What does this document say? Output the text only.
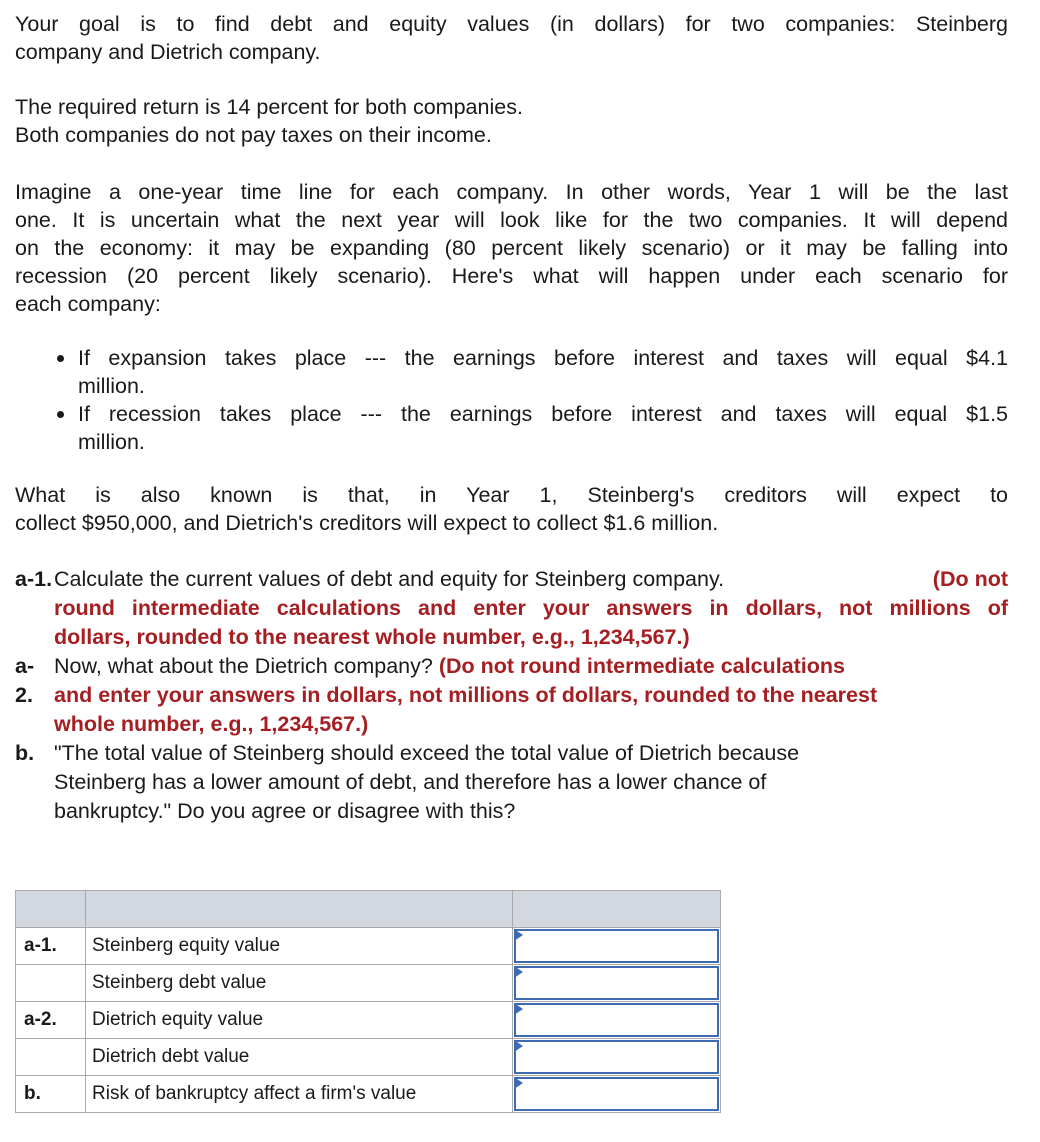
Your goal is to find debt and equity values (in dollars) for two companies: Steinberg
company and Dietrich company.

The required return is 14 percent for both companies.
Both companies do not pay taxes on their income.

Imagine a one-year time line for each company. In other words, Year 1 will be the last
one. It is uncertain what the next year will look like for the two companies. It will depend
on the economy: it may be expanding (80 percent likely scenario) or it may be falling into
recession (20 percent likely scenario). Here's what will happen under each scenario for
each company:

If expansion takes place --- the earnings before interest and taxes will equal $4.1
million.
If recession takes place --- the earnings before interest and taxes will equal $1.5
million.

What is also known is that, in Year 1, Steinberg's creditors will expect to
collect $950,000, and Dietrich's creditors will expect to collect $1.6 million.

a-1. Calculate the current values of debt and equity for Steinberg company.	(Do not
round intermediate calculations and enter your answers in dollars, not millions of
dollars, rounded to the nearest whole number, e.g., 1,234,567.)
a-
2.
Now, what about the Dietrich company? (Do not round intermediate calculations
and enter your answers in dollars, not millions of dollars, rounded to the nearest
whole number, e.g., 1,234,567.)
b. "The total value of Steinberg should exceed the total value of Dietrich because
Steinberg has a lower amount of debt, and therefore has a lower chance of
bankruptcy." Do you agree or disagree with this?

a-1.	Steinberg equity value	

	Steinberg debt value	

a-2.	Dietrich equity value	

	Dietrich debt value	

b.	Risk of bankruptcy affect a firm's value	
